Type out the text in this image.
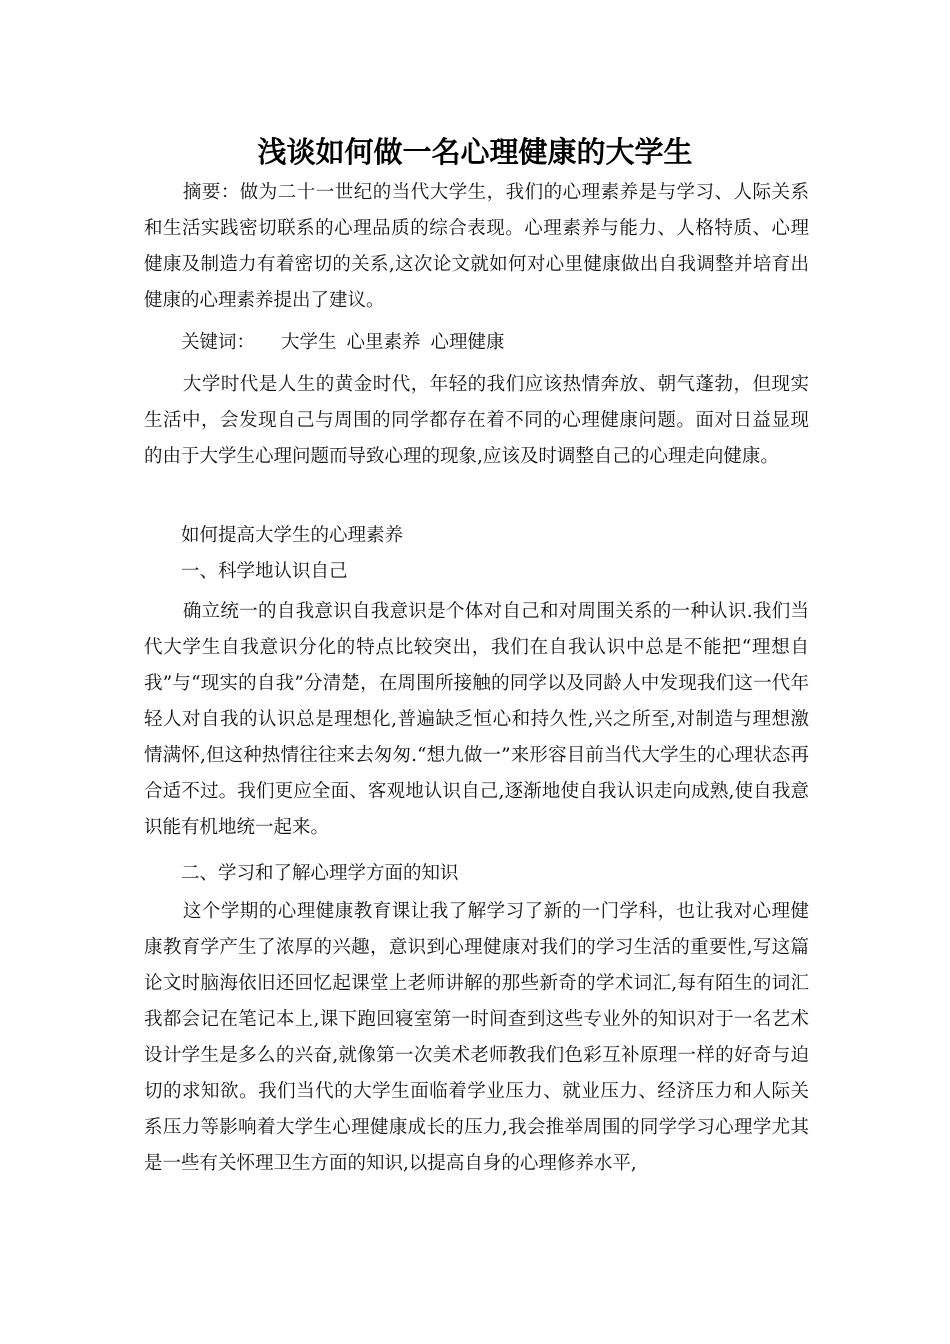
浅谈如何做一名心理健康的大学生

摘要：做为二十一世纪的当代大学生，我们的心理素养是与学习、人际关系和生活实践密切联系的心理品质的综合表现。心理素养与能力、人格特质、心理健康及制造力有着密切的关系,这次论文就如何对心里健康做出自我调整并培育出健康的心理素养提出了建议。

关键词： 大学生 心里素养 心理健康

大学时代是人生的黄金时代，年轻的我们应该热情奔放、朝气蓬勃，但现实生活中，会发现自己与周围的同学都存在着不同的心理健康问题。面对日益显现的由于大学生心理问题而导致心理的现象,应该及时调整自己的心理走向健康。

如何提高大学生的心理素养

一、科学地认识自己

确立统一的自我意识自我意识是个体对自己和对周围关系的一种认识.我们当代大学生自我意识分化的特点比较突出，我们在自我认识中总是不能把“理想自我”与“现实的自我”分清楚，在周围所接触的同学以及同龄人中发现我们这一代年轻人对自我的认识总是理想化,普遍缺乏恒心和持久性,兴之所至,对制造与理想激情满怀,但这种热情往往来去匆匆.“想九做一”来形容目前当代大学生的心理状态再合适不过。我们更应全面、客观地认识自己,逐渐地使自我认识走向成熟,使自我意识能有机地统一起来。

二、学习和了解心理学方面的知识

这个学期的心理健康教育课让我了解学习了新的一门学科，也让我对心理健康教育学产生了浓厚的兴趣，意识到心理健康对我们的学习生活的重要性,写这篇论文时脑海依旧还回忆起课堂上老师讲解的那些新奇的学术词汇,每有陌生的词汇我都会记在笔记本上,课下跑回寝室第一时间查到这些专业外的知识对于一名艺术设计学生是多么的兴奋,就像第一次美术老师教我们色彩互补原理一样的好奇与迫切的求知欲。我们当代的大学生面临着学业压力、就业压力、经济压力和人际关系压力等影响着大学生心理健康成长的压力,我会推举周围的同学学习心理学尤其是一些有关怀理卫生方面的知识,以提高自身的心理修养水平,
